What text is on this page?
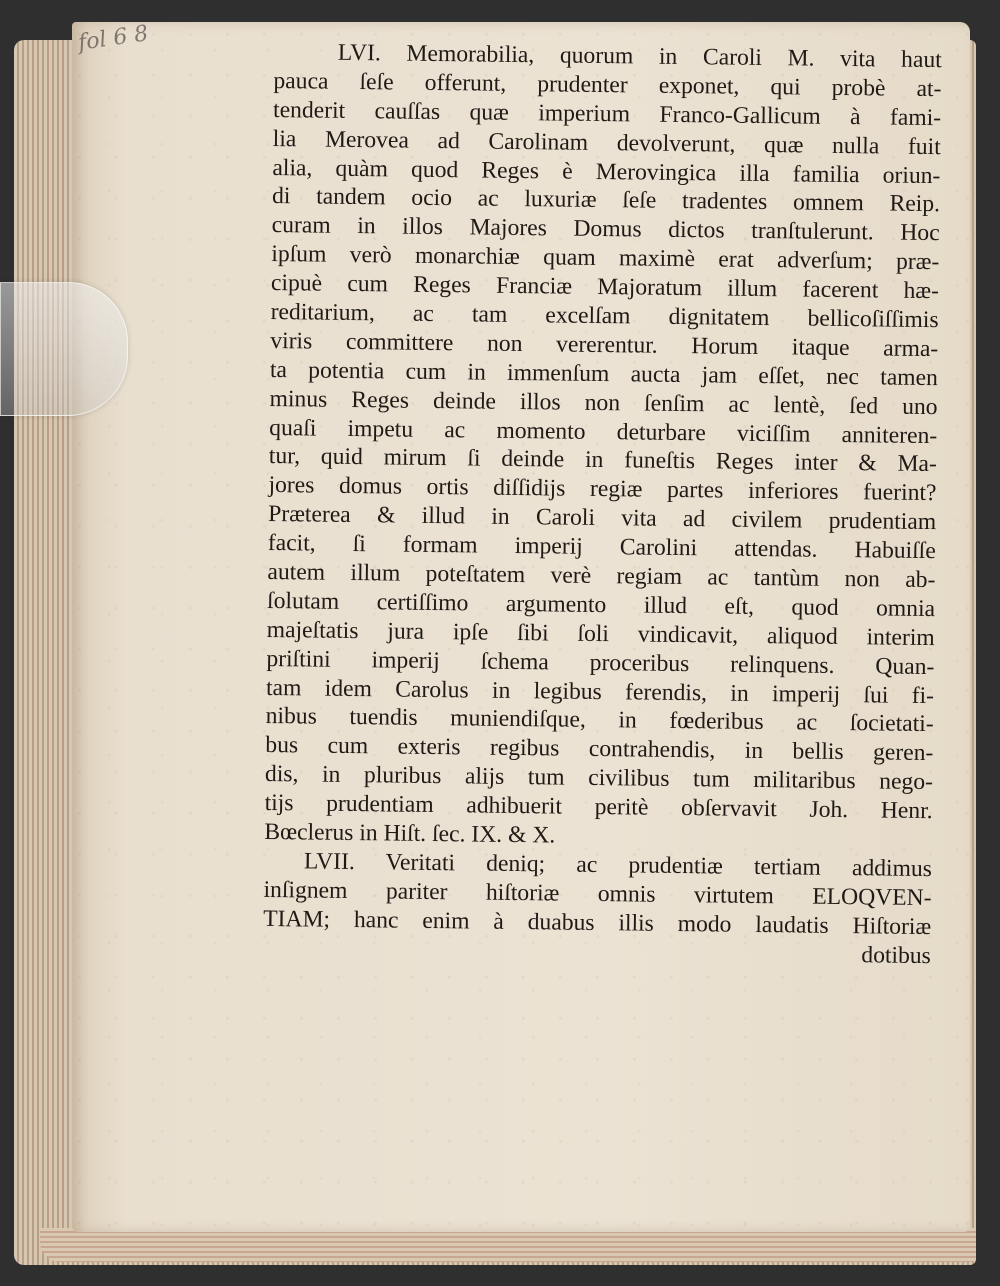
fol 6 8
LVI. Memorabilia, quorum in Caroli M. vita haut
pauca ſeſe offerunt, prudenter exponet, qui probè at-
tenderit cauſſas quæ imperium Franco-Gallicum à fami-
lia Merovea ad Carolinam devolverunt, quæ nulla fuit
alia, quàm quod Reges è Merovingica illa familia oriun-
di tandem ocio ac luxuriæ ſeſe tradentes omnem Reip.
curam in illos Majores Domus dictos tranſtulerunt. Hoc
ipſum verò monarchiæ quam maximè erat adverſum; præ-
cipuè cum Reges Franciæ Majoratum illum facerent hæ-
reditarium, ac tam excelſam dignitatem bellicoſiſſimis
viris committere non vererentur. Horum itaque arma-
ta potentia cum in immenſum aucta jam eſſet, nec tamen
minus Reges deinde illos non ſenſim ac lentè, ſed uno
quaſi impetu ac momento deturbare viciſſim anniteren-
tur, quid mirum ſi deinde in funeſtis Reges inter & Ma-
jores domus ortis diſſidijs regiæ partes inferiores fuerint?
Præterea & illud in Caroli vita ad civilem prudentiam
facit, ſi formam imperij Carolini attendas. Habuiſſe
autem illum poteſtatem verè regiam ac tantùm non ab-
ſolutam certiſſimo argumento illud eſt, quod omnia
majeſtatis jura ipſe ſibi ſoli vindicavit, aliquod interim
priſtini imperij ſchema proceribus relinquens. Quan-
tam idem Carolus in legibus ferendis, in imperij ſui fi-
nibus tuendis muniendiſque, in fœderibus ac ſocietati-
bus cum exteris regibus contrahendis, in bellis geren-
dis, in pluribus alijs tum civilibus tum militaribus nego-
tijs prudentiam adhibuerit peritè obſervavit Joh. Henr.
Bœclerus in Hiſt. ſec. IX. & X.
LVII. Veritati deniq; ac prudentiæ tertiam addimus
inſignem pariter hiſtoriæ omnis virtutem ELOQVEN-
TIAM; hanc enim à duabus illis modo laudatis Hiſtoriæ
dotibus
